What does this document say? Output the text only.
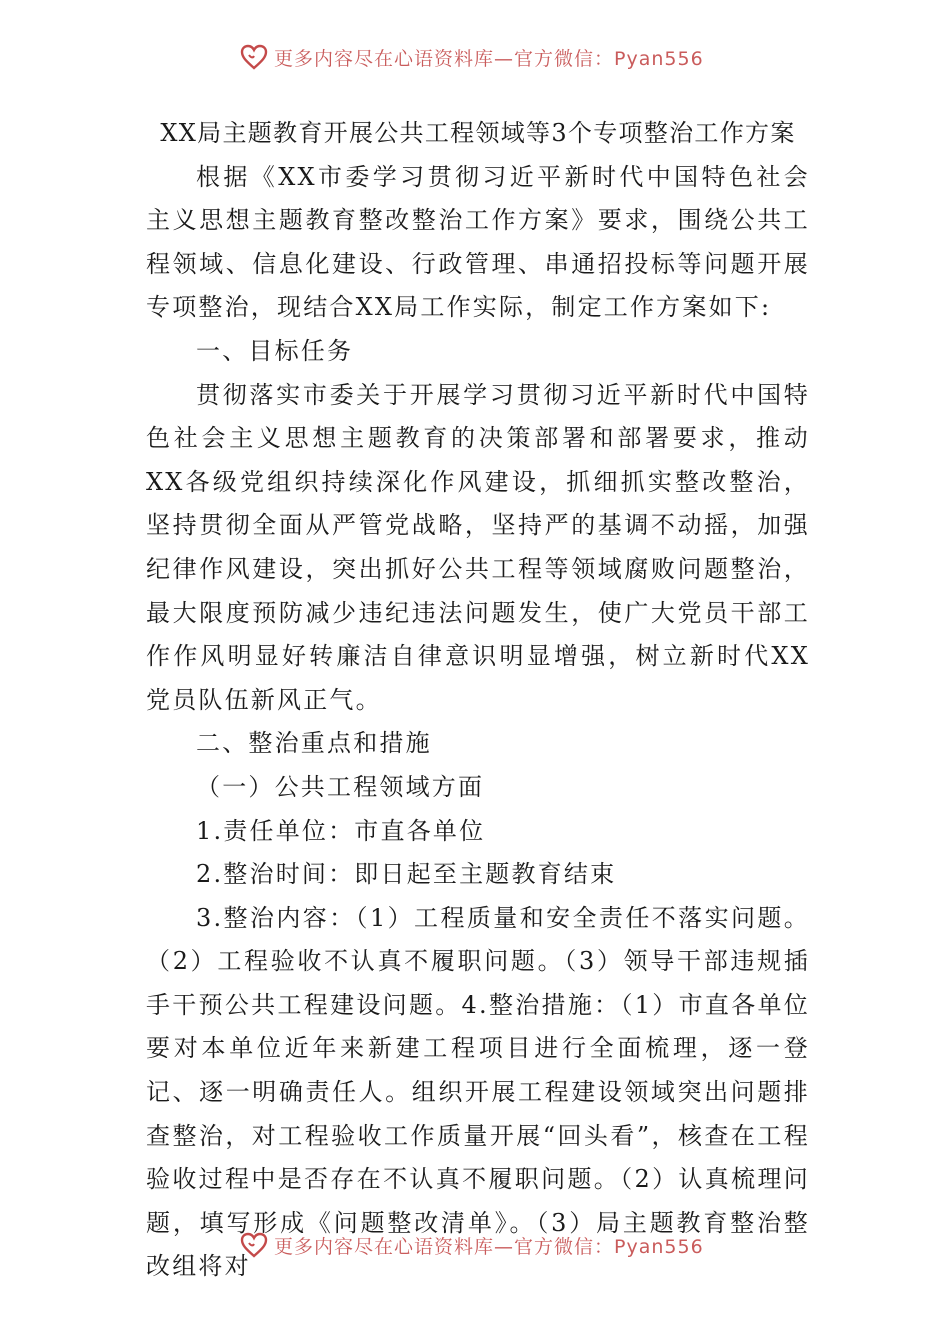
更多内容尽在心语资料库—官方微信：Pyan556

XX局主题教育开展公共工程领域等3个专项整治工作方案

根据《XX市委学习贯彻习近平新时代中国特色社会主义思想主题教育整改整治工作方案》要求，围绕公共工程领域、信息化建设、行政管理、串通招投标等问题开展专项整治，现结合XX局工作实际，制定工作方案如下:

一、目标任务

贯彻落实市委关于开展学习贯彻习近平新时代中国特色社会主义思想主题教育的决策部署和部署要求，推动XX各级党组织持续深化作风建设，抓细抓实整改整治，坚持贯彻全面从严管党战略，坚持严的基调不动摇，加强纪律作风建设，突出抓好公共工程等领域腐败问题整治，最大限度预防减少违纪违法问题发生，使广大党员干部工作作风明显好转廉洁自律意识明显增强，树立新时代XX党员队伍新风正气。

二、整治重点和措施

（一）公共工程领域方面

1.责任单位：市直各单位

2.整治时间：即日起至主题教育结束

3.整治内容：（1）工程质量和安全责任不落实问题。（2）工程验收不认真不履职问题。（3）领导干部违规插手干预公共工程建设问题。4.整治措施：（1）市直各单位要对本单位近年来新建工程项目进行全面梳理，逐一登记、逐一明确责任人。组织开展工程建设领域突出问题排查整治，对工程验收工作质量开展“回头看”，核查在工程验收过程中是否存在不认真不履职问题。（2）认真梳理问题，填写形成《问题整改清单》。（3）局主题教育整治整改组将对

更多内容尽在心语资料库—官方微信：Pyan556
